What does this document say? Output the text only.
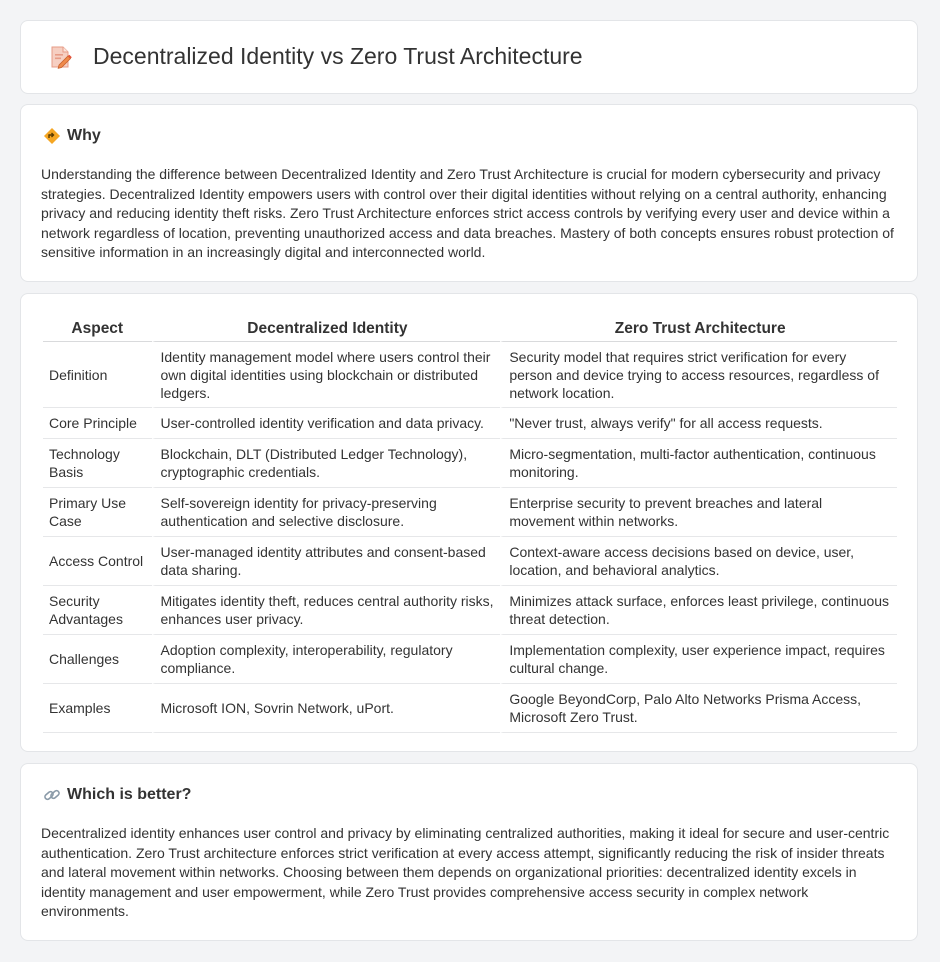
Decentralized Identity vs Zero Trust Architecture
Why

Understanding the difference between Decentralized Identity and Zero Trust Architecture is crucial for modern cybersecurity and privacy strategies. Decentralized Identity empowers users with control over their digital identities without relying on a central authority, enhancing privacy and reducing identity theft risks. Zero Trust Architecture enforces strict access controls by verifying every user and device within a network regardless of location, preventing unauthorized access and data breaches. Mastery of both concepts ensures robust protection of sensitive information in an increasingly digital and interconnected world.

Aspect	Decentralized Identity	Zero Trust Architecture
Definition	Identity management model where users control their own digital identities using blockchain or distributed ledgers.	Security model that requires strict verification for every person and device trying to access resources, regardless of network location.
Core Principle	User-controlled identity verification and data privacy.	"Never trust, always verify" for all access requests.
Technology Basis	Blockchain, DLT (Distributed Ledger Technology), cryptographic credentials.	Micro-segmentation, multi-factor authentication, continuous monitoring.
Primary Use Case	Self-sovereign identity for privacy-preserving authentication and selective disclosure.	Enterprise security to prevent breaches and lateral movement within networks.
Access Control	User-managed identity attributes and consent-based data sharing.	Context-aware access decisions based on device, user, location, and behavioral analytics.
Security Advantages	Mitigates identity theft, reduces central authority risks, enhances user privacy.	Minimizes attack surface, enforces least privilege, continuous threat detection.
Challenges	Adoption complexity, interoperability, regulatory compliance.	Implementation complexity, user experience impact, requires cultural change.
Examples	Microsoft ION, Sovrin Network, uPort.	Google BeyondCorp, Palo Alto Networks Prisma Access, Microsoft Zero Trust.
Which is better?

Decentralized identity enhances user control and privacy by eliminating centralized authorities, making it ideal for secure and user-centric authentication. Zero Trust architecture enforces strict verification at every access attempt, significantly reducing the risk of insider threats and lateral movement within networks. Choosing between them depends on organizational priorities: decentralized identity excels in identity management and user empowerment, while Zero Trust provides comprehensive access security in complex network environments.
